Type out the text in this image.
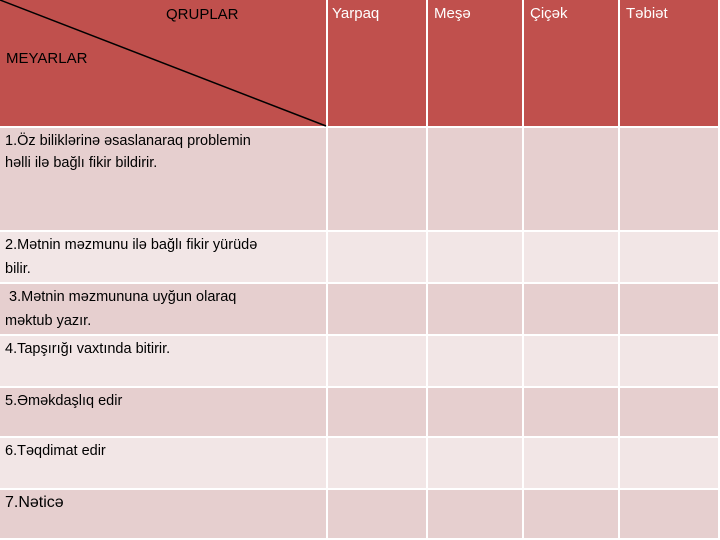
QRUPLAR
MEYARLAR
Yarpaq	Meşə	Çiçək	Təbiət
1.Öz biliklərinə əsaslanaraq problemin
həlli ilə bağlı fikir bildirir.
2.Mətnin məzmunu ilə bağlı fikir yürüdə
bilir.
3.Mətnin məzmununa uyğun olaraq
məktub yazır.
4.Tapşırığı vaxtında bitirir.
5.Əməkdaşlıq edir
6.Təqdimat edir
7.Nəticə
